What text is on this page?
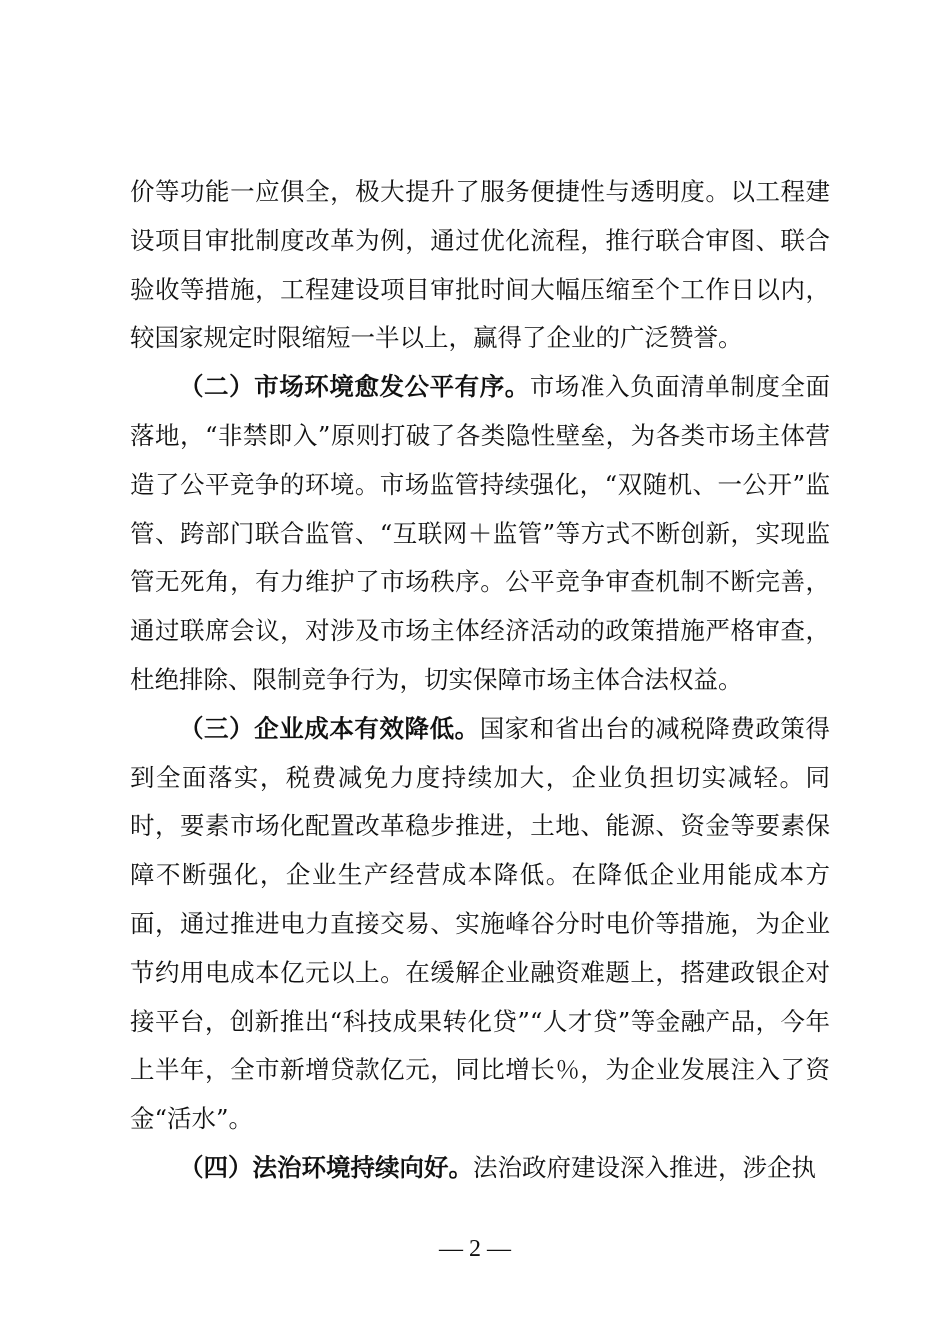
价等功能一应俱全，极大提升了服务便捷性与透明度。以工程建设项目审批制度改革为例，通过优化流程，推行联合审图、联合验收等措施，工程建设项目审批时间大幅压缩至个工作日以内，较国家规定时限缩短一半以上，赢得了企业的广泛赞誉。

（二）市场环境愈发公平有序。市场准入负面清单制度全面落地，“非禁即入”原则打破了各类隐性壁垒，为各类市场主体营造了公平竞争的环境。市场监管持续强化，“双随机、一公开”监管、跨部门联合监管、“互联网＋监管”等方式不断创新，实现监管无死角，有力维护了市场秩序。公平竞争审查机制不断完善，通过联席会议，对涉及市场主体经济活动的政策措施严格审查，杜绝排除、限制竞争行为，切实保障市场主体合法权益。

（三）企业成本有效降低。国家和省出台的减税降费政策得到全面落实，税费减免力度持续加大，企业负担切实减轻。同时，要素市场化配置改革稳步推进，土地、能源、资金等要素保障不断强化，企业生产经营成本降低。在降低企业用能成本方面，通过推进电力直接交易、实施峰谷分时电价等措施，为企业节约用电成本亿元以上。在缓解企业融资难题上，搭建政银企对接平台，创新推出“科技成果转化贷”“人才贷”等金融产品，今年上半年，全市新增贷款亿元，同比增长％，为企业发展注入了资金“活水”。

（四）法治环境持续向好。法治政府建设深入推进，涉企执

— 2 —
